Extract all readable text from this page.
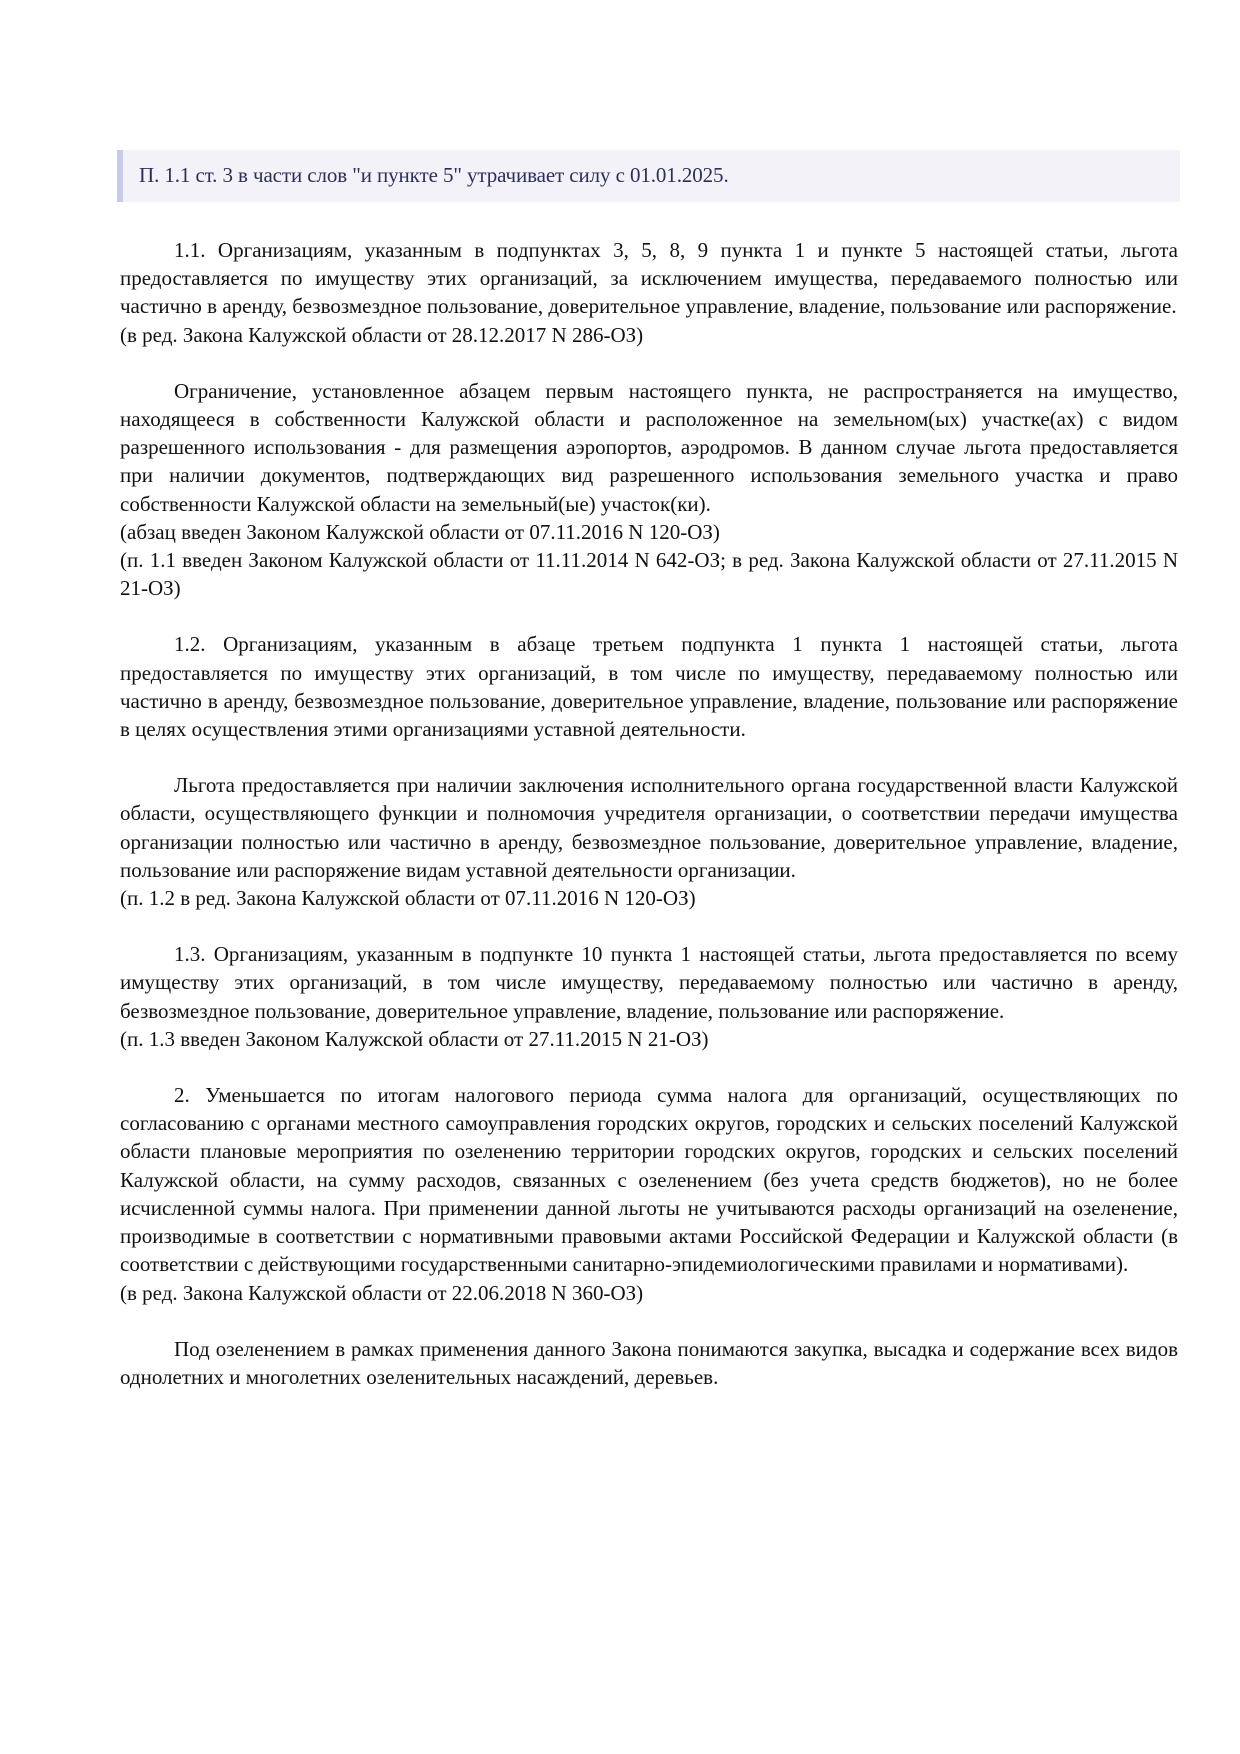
П. 1.1 ст. 3 в части слов "и пункте 5" утрачивает силу с 01.01.2025.

1.1. Организациям, указанным в подпунктах 3, 5, 8, 9 пункта 1 и пункте 5 настоящей статьи, льгота предоставляется по имуществу этих организаций, за исключением имущества, передаваемого полностью или частично в аренду, безвозмездное пользование, доверительное управление, владение, пользование или распоряжение.

(в ред. Закона Калужской области от 28.12.2017 N 286-ОЗ)

Ограничение, установленное абзацем первым настоящего пункта, не распространяется на имущество, находящееся в собственности Калужской области и расположенное на земельном(ых) участке(ах) с видом разрешенного использования - для размещения аэропортов, аэродромов. В данном случае льгота предоставляется при наличии документов, подтверждающих вид разрешенного использования земельного участка и право собственности Калужской области на земельный(ые) участок(ки).

(абзац введен Законом Калужской области от 07.11.2016 N 120-ОЗ)

(п. 1.1 введен Законом Калужской области от 11.11.2014 N 642-ОЗ; в ред. Закона Калужской области от 27.11.2015 N 21-ОЗ)

1.2. Организациям, указанным в абзаце третьем подпункта 1 пункта 1 настоящей статьи, льгота предоставляется по имуществу этих организаций, в том числе по имуществу, передаваемому полностью или частично в аренду, безвозмездное пользование, доверительное управление, владение, пользование или распоряжение в целях осуществления этими организациями уставной деятельности.

Льгота предоставляется при наличии заключения исполнительного органа государственной власти Калужской области, осуществляющего функции и полномочия учредителя организации, о соответствии передачи имущества организации полностью или частично в аренду, безвозмездное пользование, доверительное управление, владение, пользование или распоряжение видам уставной деятельности организации.

(п. 1.2 в ред. Закона Калужской области от 07.11.2016 N 120-ОЗ)

1.3. Организациям, указанным в подпункте 10 пункта 1 настоящей статьи, льгота предоставляется по всему имуществу этих организаций, в том числе имуществу, передаваемому полностью или частично в аренду, безвозмездное пользование, доверительное управление, владение, пользование или распоряжение.

(п. 1.3 введен Законом Калужской области от 27.11.2015 N 21-ОЗ)

2. Уменьшается по итогам налогового периода сумма налога для организаций, осуществляющих по согласованию с органами местного самоуправления городских округов, городских и сельских поселений Калужской области плановые мероприятия по озеленению территории городских округов, городских и сельских поселений Калужской области, на сумму расходов, связанных с озеленением (без учета средств бюджетов), но не более исчисленной суммы налога. При применении данной льготы не учитываются расходы организаций на озеленение, производимые в соответствии с нормативными правовыми актами Российской Федерации и Калужской области (в соответствии с действующими государственными санитарно-эпидемиологическими правилами и нормативами).

(в ред. Закона Калужской области от 22.06.2018 N 360-ОЗ)

Под озеленением в рамках применения данного Закона понимаются закупка, высадка и содержание всех видов однолетних и многолетних озеленительных насаждений, деревьев.
